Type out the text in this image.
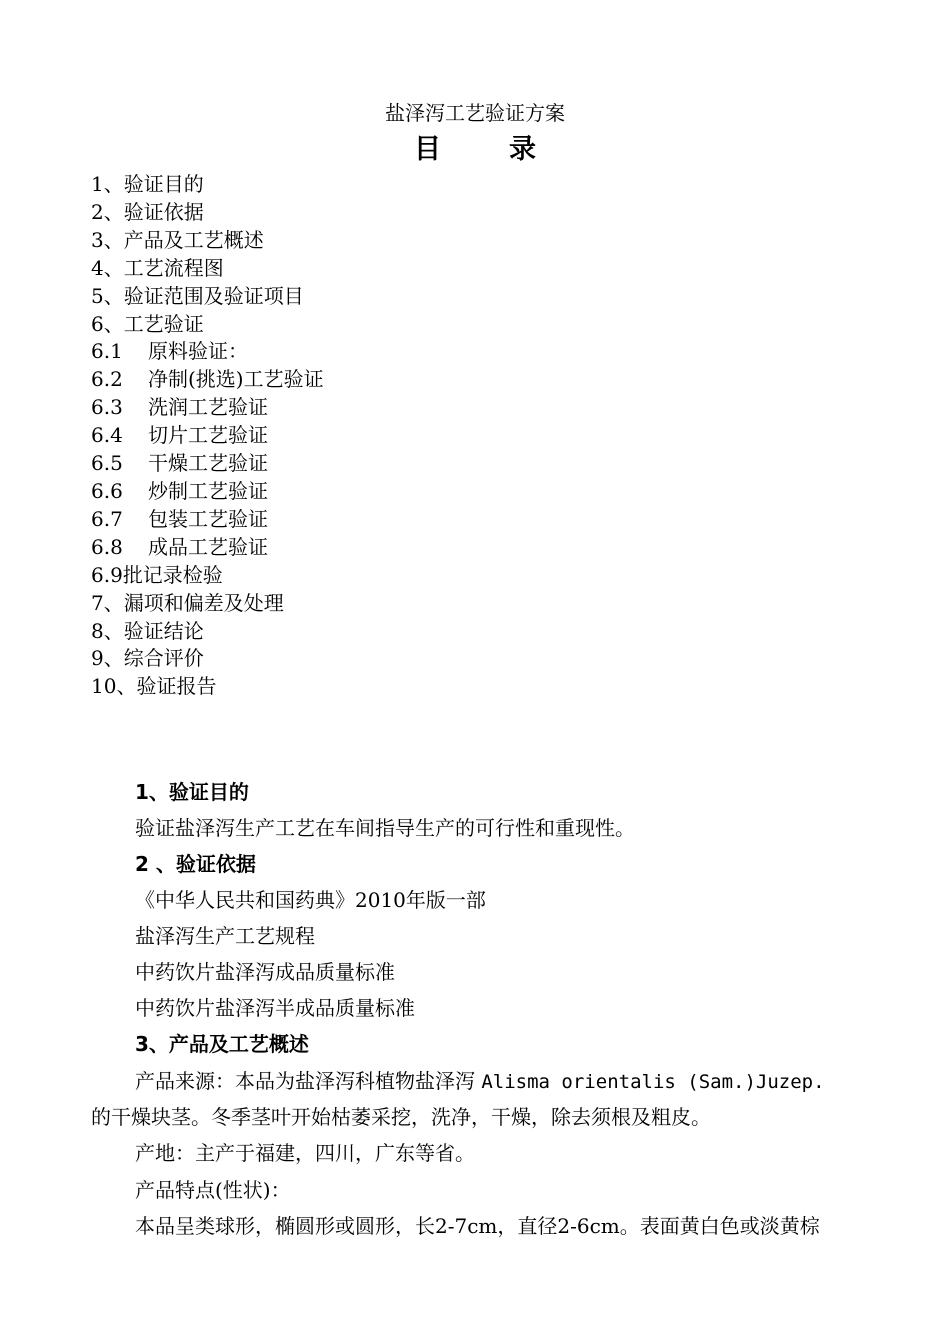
盐泽泻工艺验证方案
目	录
1、验证目的
2、验证依据
3、产品及工艺概述
4、工艺流程图
5、验证范围及验证项目
6、工艺验证
6.1 原料验证：
6.2 净制(挑选)工艺验证
6.3 洗润工艺验证
6.4 切片工艺验证
6.5 干燥工艺验证
6.6 炒制工艺验证
6.7 包装工艺验证
6.8 成品工艺验证
6.9批记录检验
7、漏项和偏差及处理
8、验证结论
9、综合评价
10、验证报告
1、验证目的
验证盐泽泻生产工艺在车间指导生产的可行性和重现性。
2 、验证依据
《中华人民共和国药典》2010年版一部
盐泽泻生产工艺规程
中药饮片盐泽泻成品质量标准
中药饮片盐泽泻半成品质量标准
3、产品及工艺概述
产品来源：本品为盐泽泻科植物盐泽泻 Alisma orientalis (Sam.)Juzep.
的干燥块茎。冬季茎叶开始枯萎采挖，洗净，干燥，除去须根及粗皮。
产地：主产于福建，四川，广东等省。
产品特点(性状)：
本品呈类球形，椭圆形或圆形，长2-7cm，直径2-6cm。表面黄白色或淡黄棕
